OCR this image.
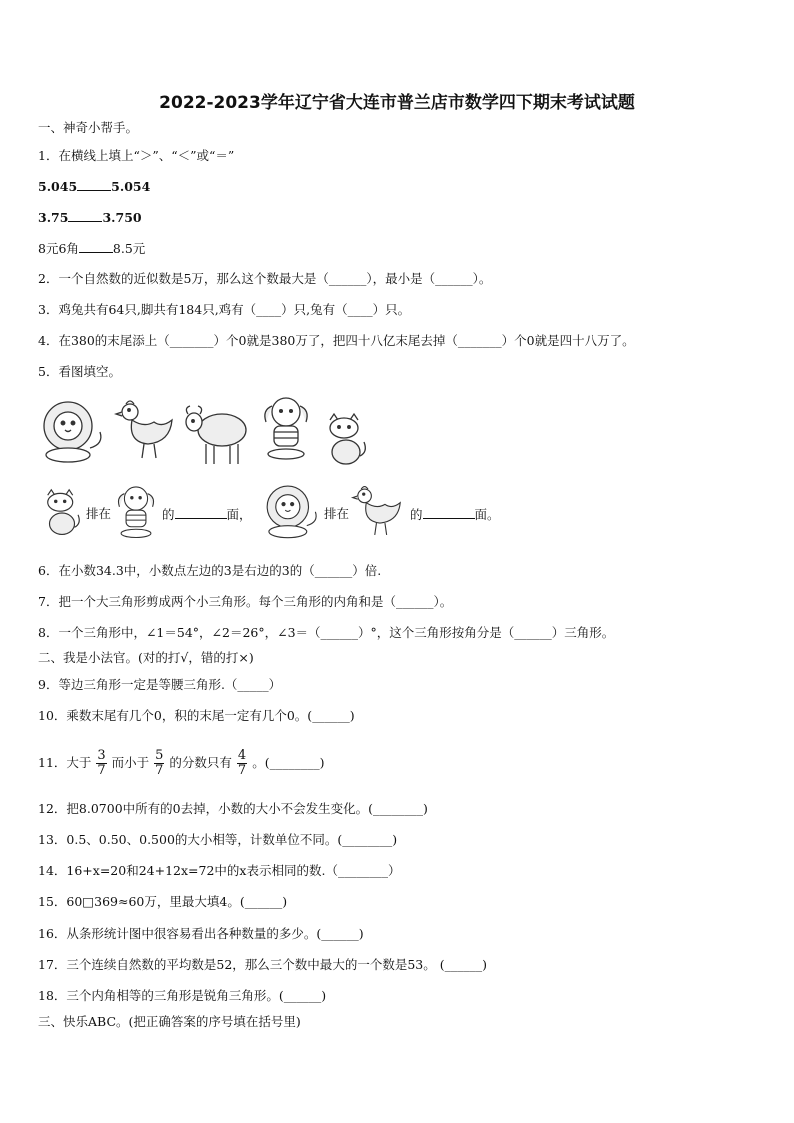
2022-2023学年辽宁省大连市普兰店市数学四下期末考试试题
一、神奇小帮手。
1．在横线上填上“＞”、“＜”或“＝”
5.045	5.054
3.75	3.750
8元6角	8.5元
2．一个自然数的近似数是5万，那么这个数最大是（______），最小是（______）。
3．鸡兔共有64只,脚共有184只,鸡有（____）只,兔有（____）只。
4．在380的末尾添上（_______）个0就是380万了，把四十八亿末尾去掉（_______）个0就是四十八万了。
5．看图填空。
排在	的	面，	排在	的	面。
6．在小数34.3中，小数点左边的3是右边的3的（______）倍.
7．把一个大三角形剪成两个小三角形。每个三角形的内角和是（______）。
8．一个三角形中，∠1＝54°，∠2＝26°，∠3＝（______）°，这个三角形按角分是（______）三角形。
二、我是小法官。(对的打√，错的打×)
9．等边三角形一定是等腰三角形.（_____）
10．乘数末尾有几个0，积的末尾一定有几个0。(______)
11．大于 $\frac{3}{7}$ 而小于 $\frac{5}{7}$ 的分数只有 $\frac{4}{7}$ 。(________)
12．把8.0700中所有的0去掉，小数的大小不会发生变化。(________)
13．0.5、0.50、0.500的大小相等，计数单位不同。(________)
14．16+x=20和24+12x=72中的x表示相同的数.（________）
15．60□369≈60万，里最大填4。(______)
16．从条形统计图中很容易看出各种数量的多少。(______)
17．三个连续自然数的平均数是52，那么三个数中最大的一个数是53。 (______)
18．三个内角相等的三角形是锐角三角形。(______)
三、快乐ABC。(把正确答案的序号填在括号里)
